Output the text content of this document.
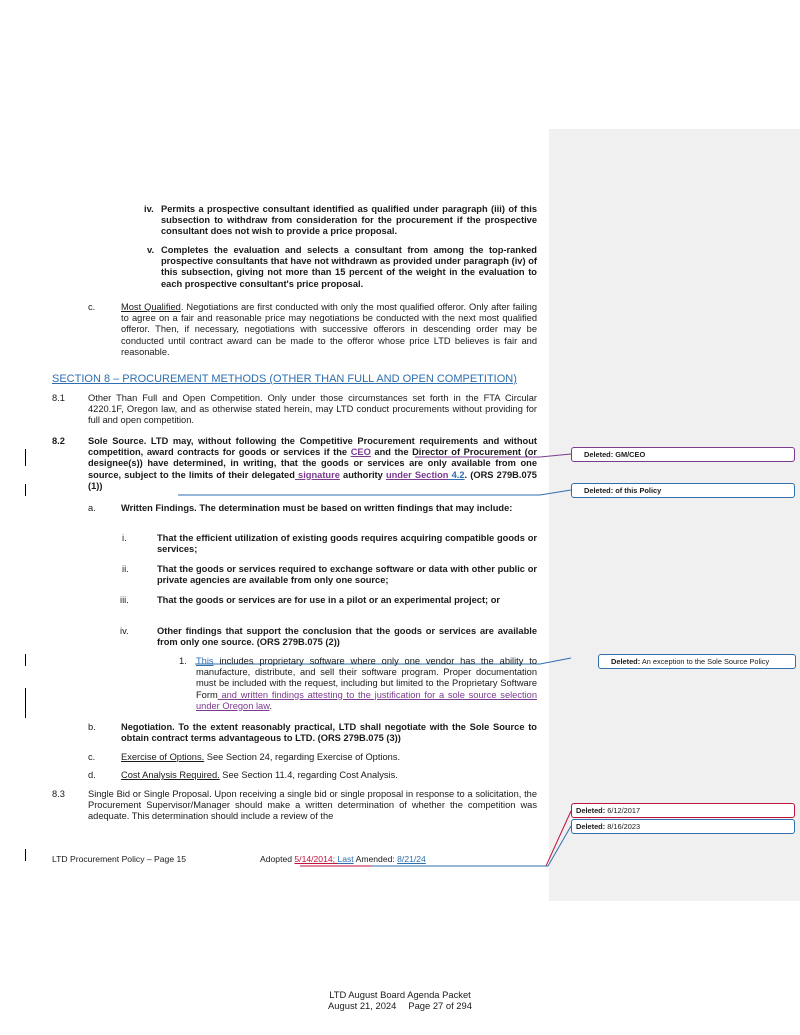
iv. Permits a prospective consultant identified as qualified under paragraph (iii) of this subsection to withdraw from consideration for the procurement if the prospective consultant does not wish to provide a price proposal.
v. Completes the evaluation and selects a consultant from among the top-ranked prospective consultants that have not withdrawn as provided under paragraph (iv) of this subsection, giving not more than 15 percent of the weight in the evaluation to each prospective consultant's price proposal.
c.	Most Qualified. Negotiations are first conducted with only the most qualified offeror. Only after failing to agree on a fair and reasonable price may negotiations be conducted with the next most qualified offeror. Then, if necessary, negotiations with successive offerors in descending order may be conducted until contract award can be made to the offeror whose price LTD believes is fair and reasonable.
SECTION 8 – PROCUREMENT METHODS (OTHER THAN FULL AND OPEN COMPETITION)
8.1 Other Than Full and Open Competition. Only under those circumstances set forth in the FTA Circular 4220.1F, Oregon law, and as otherwise stated herein, may LTD conduct procurements without providing for full and open competition.
8.2 Sole Source. LTD may, without following the Competitive Procurement requirements and without competition, award contracts for goods or services if the CEO and the Director of Procurement (or designee(s)) have determined, in writing, that the goods or services are only available from one source, subject to the limits of their delegated signature authority under Section 4.2. (ORS 279B.075 (1))
a.	Written Findings. The determination must be based on written findings that may include:
i.	That the efficient utilization of existing goods requires acquiring compatible goods or services;
ii.	That the goods or services required to exchange software or data with other public or private agencies are available from only one source;
iii.	That the goods or services are for use in a pilot or an experimental project; or
iv.	Other findings that support the conclusion that the goods or services are available from only one source. (ORS 279B.075 (2))
1. This includes proprietary software where only one vendor has the ability to manufacture, distribute, and sell their software program. Proper documentation must be included with the request, including but limited to the Proprietary Software Form and written findings attesting to the justification for a sole source selection under Oregon law.
b.	Negotiation. To the extent reasonably practical, LTD shall negotiate with the Sole Source to obtain contract terms advantageous to LTD. (ORS 279B.075 (3))
c.	Exercise of Options. See Section 24, regarding Exercise of Options.
d.	Cost Analysis Required. See Section 11.4, regarding Cost Analysis.
8.3 Single Bid or Single Proposal. Upon receiving a single bid or single proposal in response to a solicitation, the Procurement Supervisor/Manager should make a written determination of whether the competition was adequate. This determination should include a review of the
Deleted: GM/CEO
Deleted: of this Policy
Deleted: An exception to the Sole Source Policy
Deleted: 6/12/2017
Deleted: 8/16/2023
LTD Procurement Policy – Page 15	Adopted 5/14/2014; Last Amended: 8/21/24
LTD August Board Agenda Packet
August 21, 2024 Page 27 of 294
